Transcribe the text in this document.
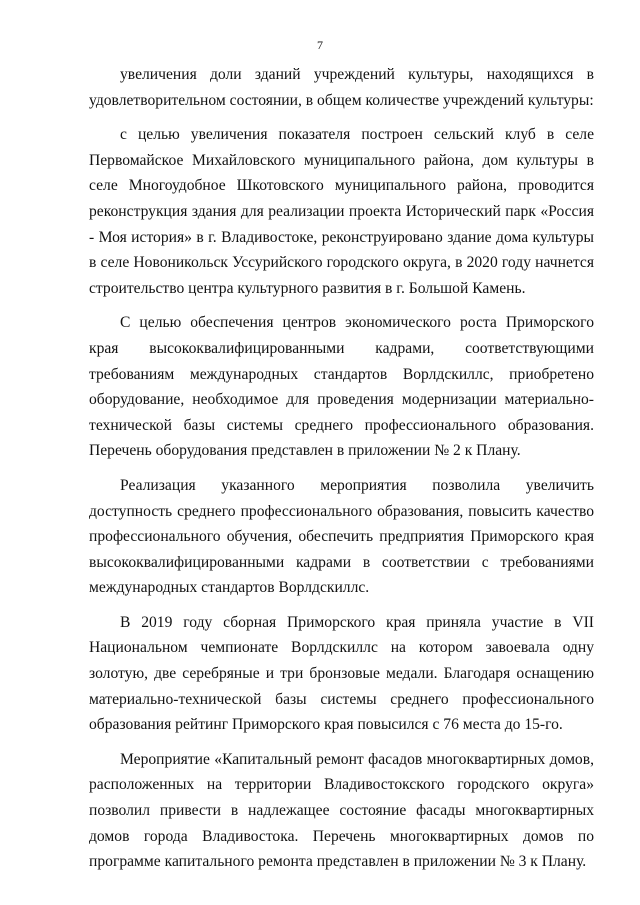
7

увеличения доли зданий учреждений культуры, находящихся в удовлетворительном состоянии, в общем количестве учреждений культуры:

с целью увеличения показателя построен сельский клуб в селе Первомайское Михайловского муниципального района, дом культуры в селе Многоудобное Шкотовского муниципального района, проводится реконструкция здания для реализации проекта Исторический парк «Россия - Моя история» в г. Владивостоке, реконструировано здание дома культуры в селе Новоникольск Уссурийского городского округа, в 2020 году начнется строительство центра культурного развития в г. Большой Камень.

С целью обеспечения центров экономического роста Приморского края высококвалифицированными кадрами, соответствующими требованиям международных стандартов Ворлдскиллс, приобретено оборудование, необходимое для проведения модернизации материально-технической базы системы среднего профессионального образования. Перечень оборудования представлен в приложении № 2 к Плану.

Реализация указанного мероприятия позволила увеличить доступность среднего профессионального образования, повысить качество профессионального обучения, обеспечить предприятия Приморского края высококвалифицированными кадрами в соответствии с требованиями международных стандартов Ворлдскиллс.

В 2019 году сборная Приморского края приняла участие в VII Национальном чемпионате Ворлдскиллс на котором завоевала одну золотую, две серебряные и три бронзовые медали. Благодаря оснащению материально-технической базы системы среднего профессионального образования рейтинг Приморского края повысился с 76 места до 15-го.

Мероприятие «Капитальный ремонт фасадов многоквартирных домов, расположенных на территории Владивостокского городского округа» позволил привести в надлежащее состояние фасады многоквартирных домов города Владивостока. Перечень многоквартирных домов по программе капитального ремонта представлен в приложении № 3 к Плану.
